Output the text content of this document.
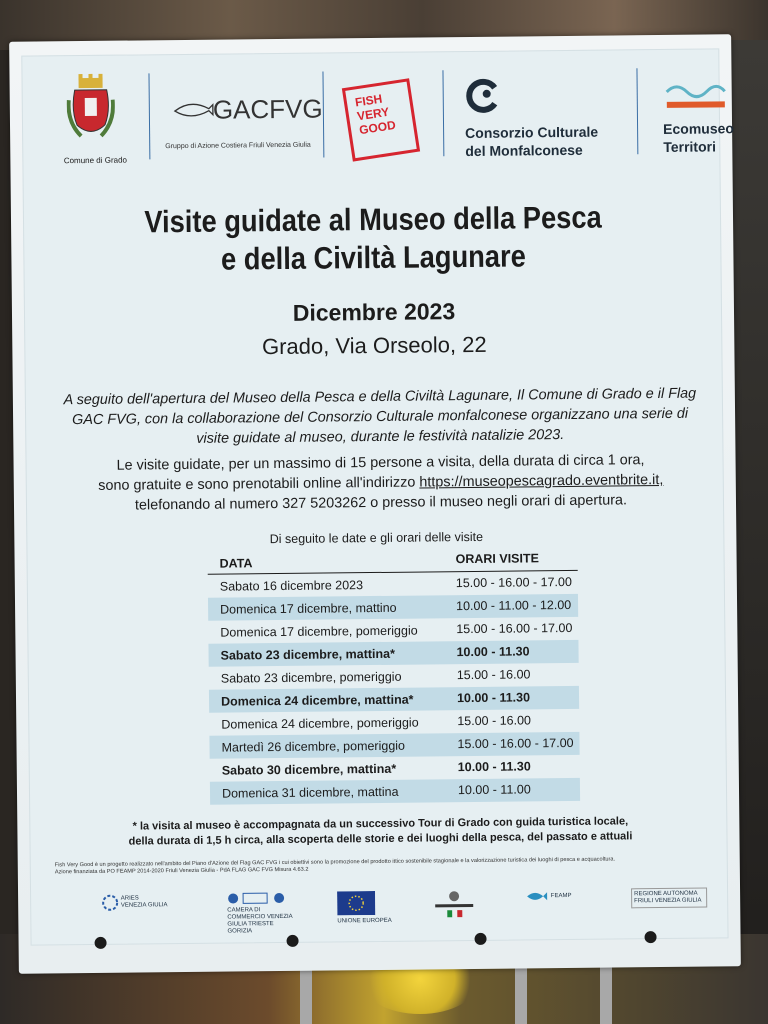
Comune di Grado
GACFVG
Gruppo di Azione Costiera Friuli Venezia Giulia
FISH
VERY
GOOD	Consorzio Culturale
del Monfalconese
Ecomuseo
Territori
Visite guidate al Museo della Pesca
e della Civiltà Lagunare
Dicembre 2023
Grado, Via Orseolo, 22
A seguito dell'apertura del Museo della Pesca e della Civiltà Lagunare, Il Comune di Grado e il Flag GAC FVG, con la collaborazione del Consorzio Culturale monfalconese organizzano una serie di visite guidate al museo, durante le festività natalizie 2023.
Le visite guidate, per un massimo di 15 persone a visita, della durata di circa 1 ora,
sono gratuite e sono prenotabili online all'indirizzo https://museopescagrado.eventbrite.it,
telefonando al numero 327 5203262 o presso il museo negli orari di apertura.
Di seguito le date e gli orari delle visite
DATA	ORARI VISITE
Sabato 16 dicembre 2023	15.00 - 16.00 - 17.00
Domenica 17 dicembre, mattino	10.00 - 11.00 - 12.00
Domenica 17 dicembre, pomeriggio	15.00 - 16.00 - 17.00
Sabato 23 dicembre, mattina*	10.00 - 11.30
Sabato 23 dicembre, pomeriggio	15.00 - 16.00
Domenica 24 dicembre, mattina*	10.00 - 11.30
Domenica 24 dicembre, pomeriggio	15.00 - 16.00
Martedì 26 dicembre, pomeriggio	15.00 - 16.00 - 17.00
Sabato 30 dicembre, mattina*	10.00 - 11.30
Domenica 31 dicembre, mattina	10.00 - 11.00
* la visita al museo è accompagnata da un successivo Tour di Grado con guida turistica locale,
della durata di 1,5 h circa, alla scoperta delle storie e dei luoghi della pesca, del passato e attuali
Fish Very Good è un progetto realizzato nell'ambito del Piano d'Azione del Flag GAC FVG i cui obiettivi sono la promozione del prodotto ittico sostenibile stagionale e la valorizzazione turistica dei luoghi di pesca e acquacoltura.
Azione finanziata da PO FEAMP 2014-2020 Friuli Venezia Giulia - PdA FLAG GAC FVG Misura 4.63.2

ARIES
VENEZIA GIULIA
CAMERA DI COMMERCIO VENEZIA GIULIA TRIESTE GORIZIA
UNIONE EUROPEA
FEAMP	REGIONE AUTONOMA FRIULI VENEZIA GIULIA
